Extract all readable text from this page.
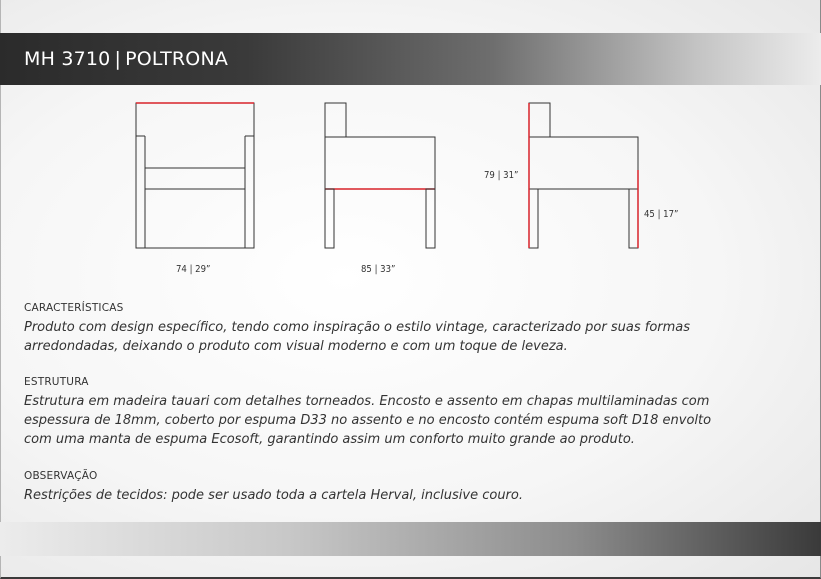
MH 3710 | POLTRONA
74 | 29”	85 | 33”
79 | 31”
45 | 17”

CARACTERÍSTICAS

Produto com design específico, tendo como inspiração o estilo vintage, caracterizado por suas formas
arredondadas, deixando o produto com visual moderno e com um toque de leveza.

ESTRUTURA

Estrutura em madeira tauari com detalhes torneados. Encosto e assento em chapas multilaminadas com
espessura de 18mm, coberto por espuma D33 no assento e no encosto contém espuma soft D18 envolto
com uma manta de espuma Ecosoft, garantindo assim um conforto muito grande ao produto.

OBSERVAÇÃO

Restrições de tecidos: pode ser usado toda a cartela Herval, inclusive couro.
